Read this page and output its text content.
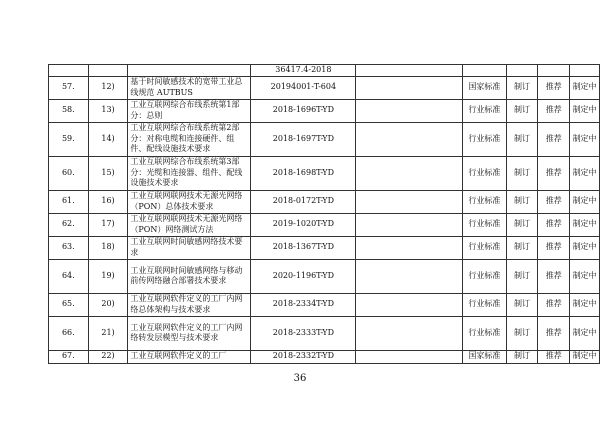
			36417.4-2018					
57.	12)	基于时间敏感技术的宽带工业总线规范 AUTBUS	20194001-T-604		国家标准	制订	推荐	制定中
58.	13)	工业互联网综合布线系统第1部分：总则	2018-1696T-YD		行业标准	制订	推荐	制定中
59.	14)	工业互联网综合布线系统第2部分：对称电缆和连接硬件、组件、配线设施技术要求	2018-1697T-YD		行业标准	制订	推荐	制定中
60.	15)	工业互联网综合布线系统第3部分：光缆和连接器、组件、配线设施技术要求	2018-1698T-YD		行业标准	制订	推荐	制定中
61.	16)	工业互联网联网技术无源光网络（PON）总体技术要求	2018-0172T-YD		行业标准	制订	推荐	制定中
62.	17)	工业互联网联网技术无源光网络（PON）网络测试方法	2019-1020T-YD		行业标准	制订	推荐	制定中
63.	18)	工业互联网时间敏感网络技术要求	2018-1367T-YD		行业标准	制订	推荐	制定中
64.	19)	工业互联网时间敏感网络与移动前传网络融合部署技术要求	2020-1196T-YD		行业标准	制订	推荐	制定中
65.	20)	工业互联网软件定义的工厂内网络总体架构与技术要求	2018-2334T-YD		行业标准	制订	推荐	制定中
66.	21)	工业互联网软件定义的工厂内网络转发层模型与技术要求	2018-2333T-YD		行业标准	制订	推荐	制定中
67.	22)	工业互联网软件定义的工厂	2018-2332T-YD		国家标准	制订	推荐	制定中
36
